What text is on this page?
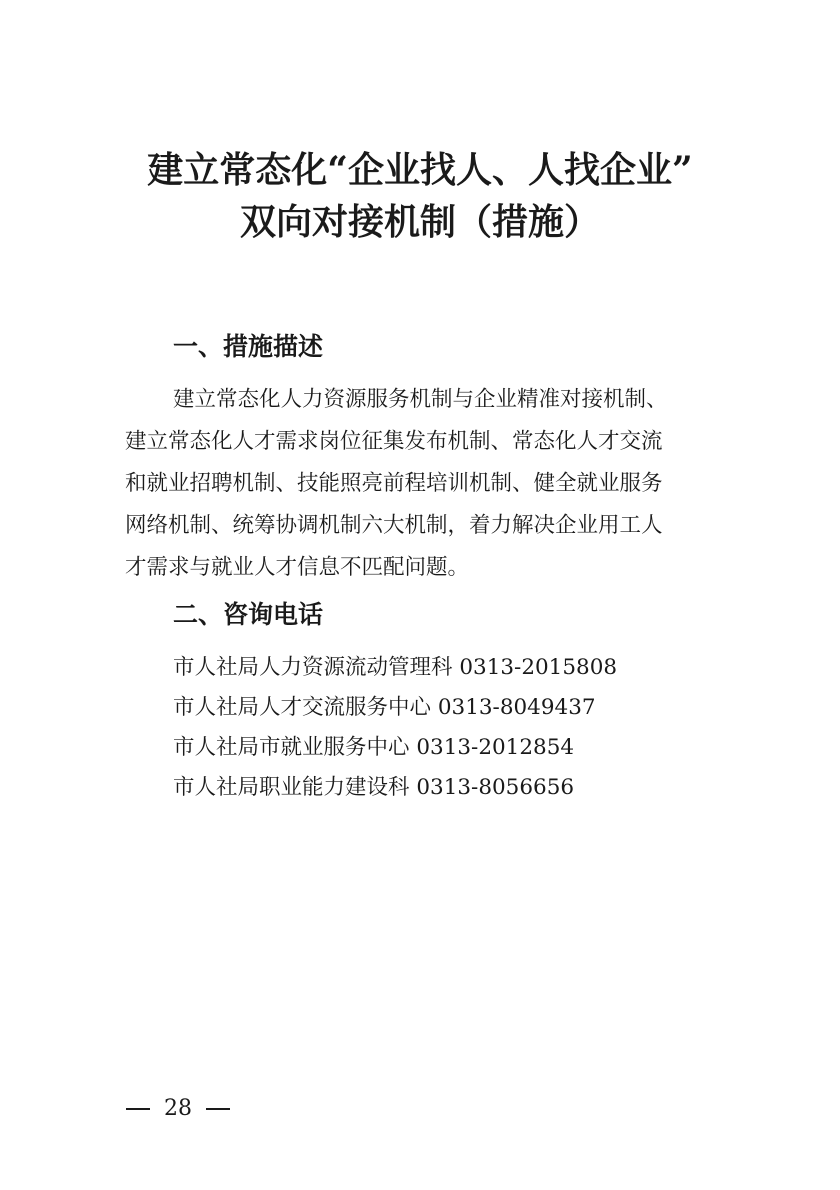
建立常态化“企业找人、人找企业”
双向对接机制（措施）
一、措施描述
建立常态化人力资源服务机制与企业精准对接机制、
建立常态化人才需求岗位征集发布机制、常态化人才交流
和就业招聘机制、技能照亮前程培训机制、健全就业服务
网络机制、统筹协调机制六大机制，着力解决企业用工人
才需求与就业人才信息不匹配问题。
二、咨询电话
市人社局人力资源流动管理科 0313-2015808
市人社局人才交流服务中心 0313-8049437
市人社局市就业服务中心 0313-2012854
市人社局职业能力建设科 0313-8056656
28
